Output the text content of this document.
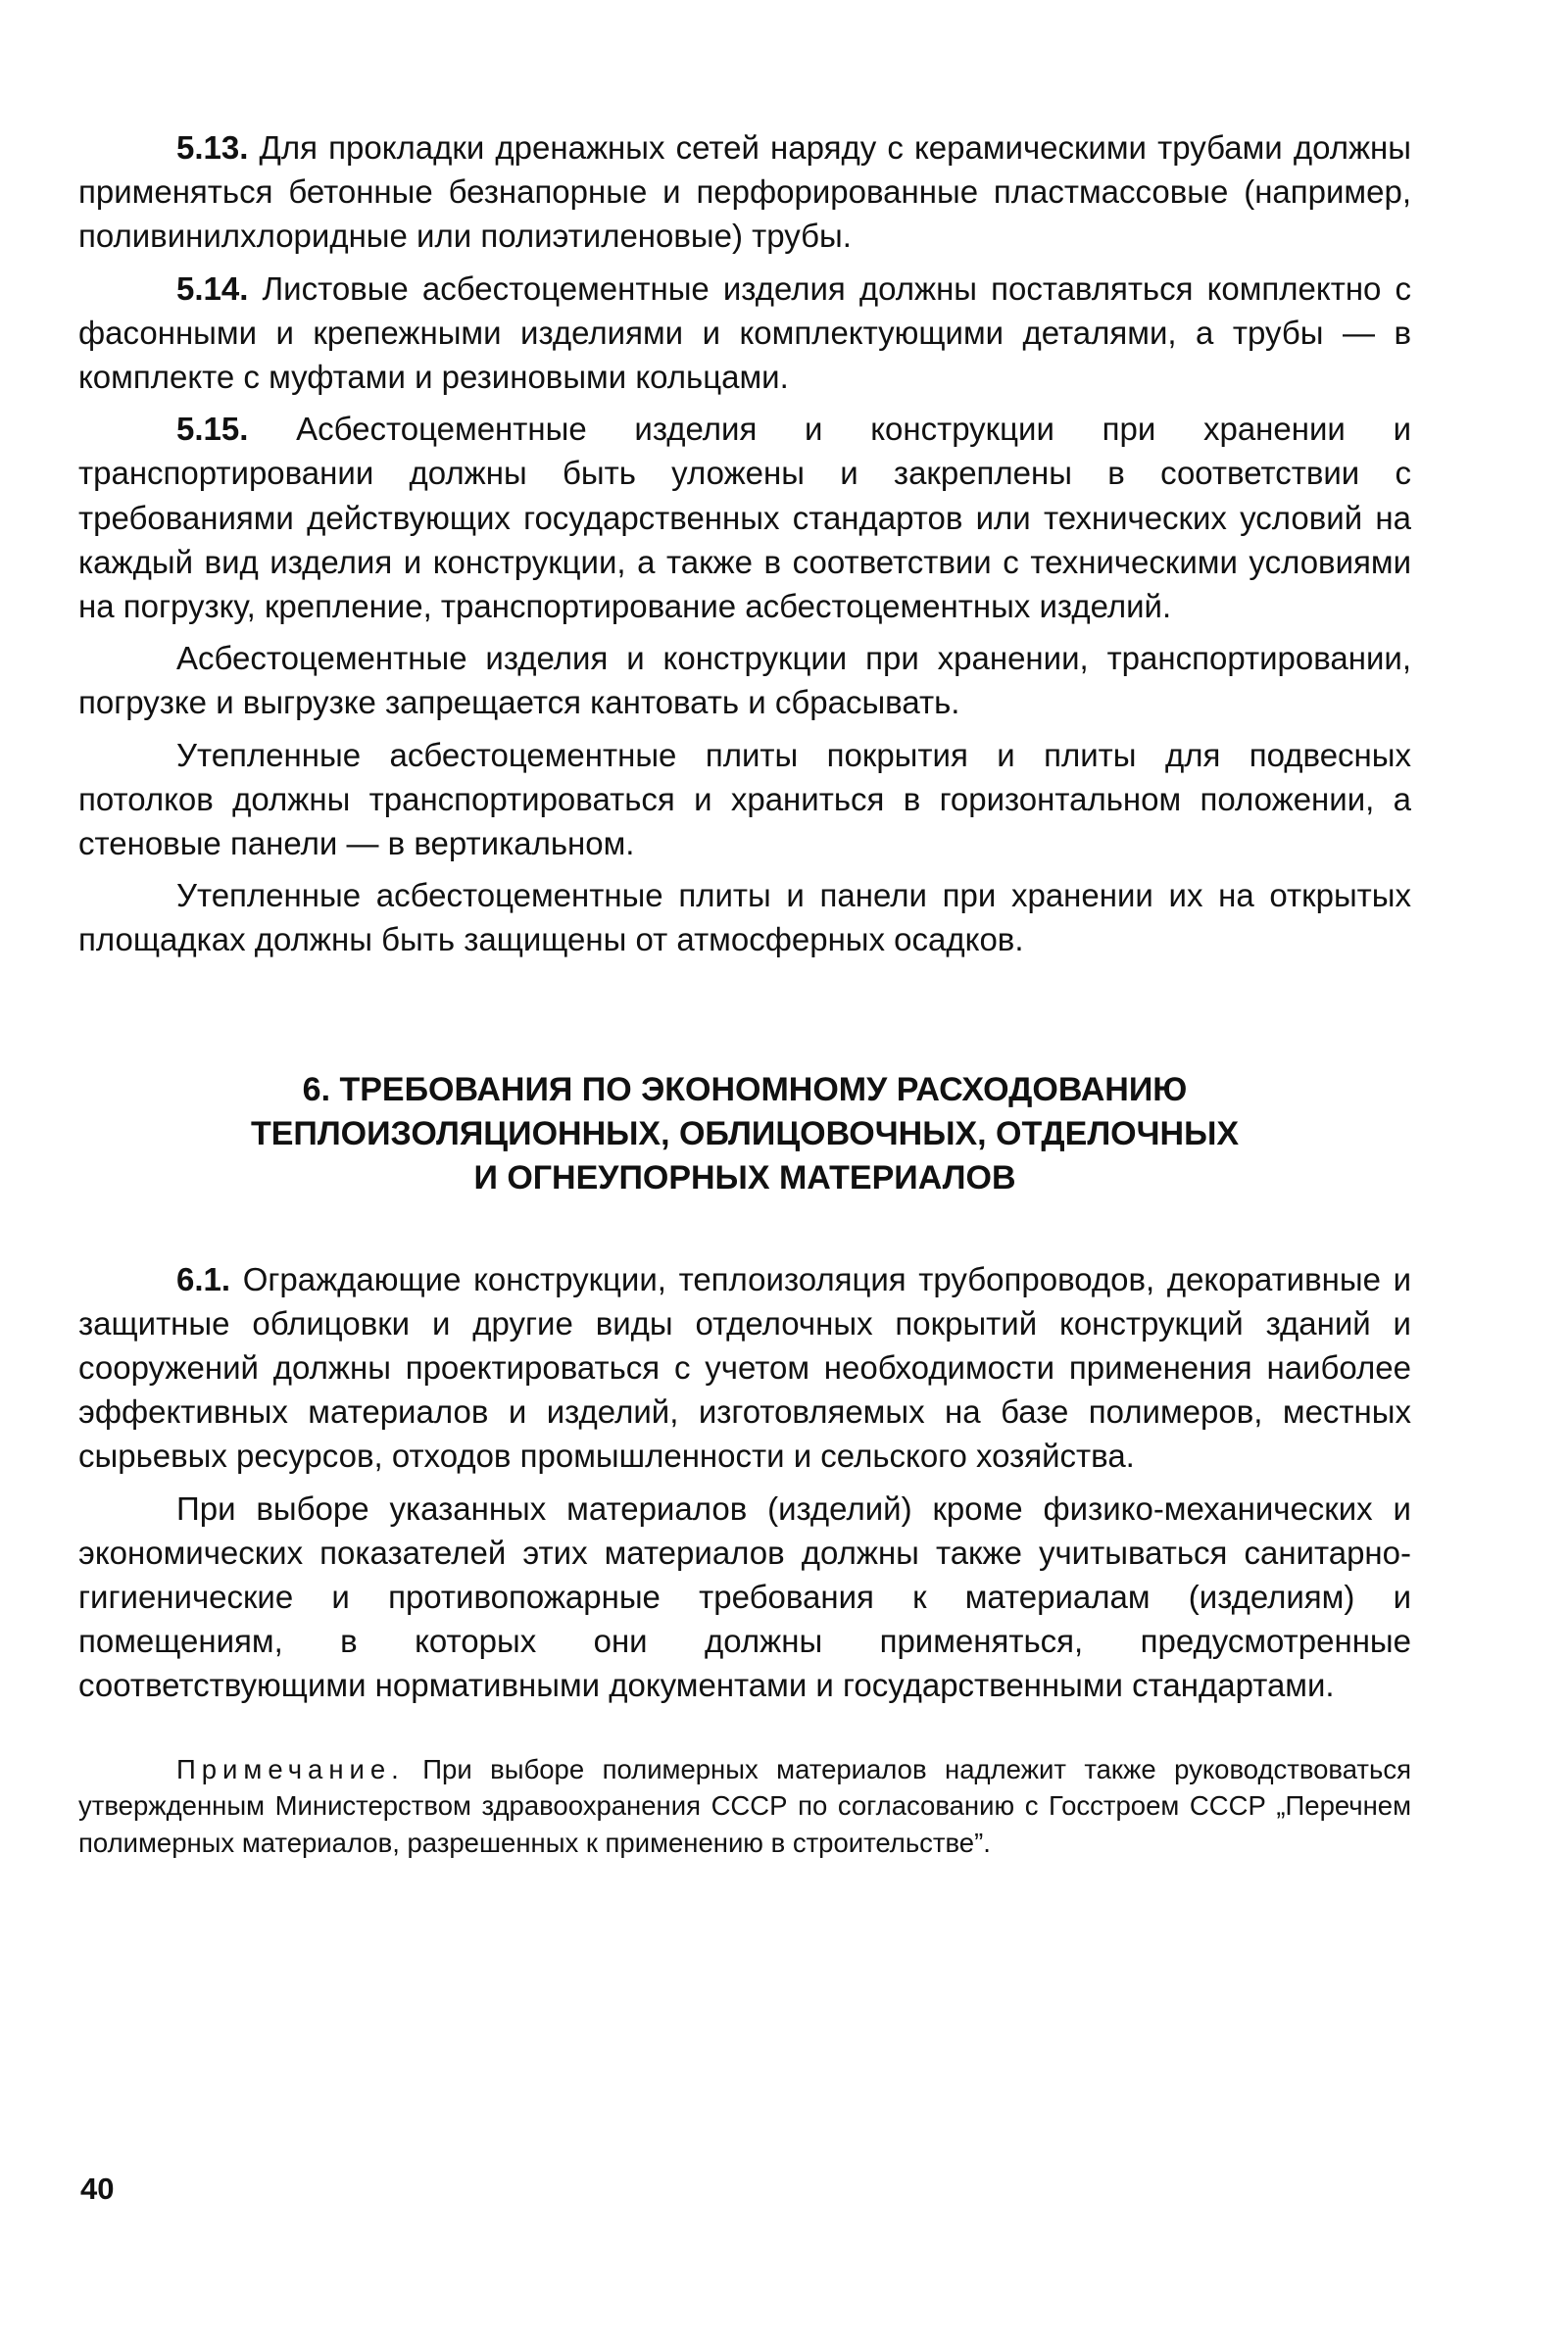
5.13. Для прокладки дренажных сетей наряду с керамическими трубами должны применяться бетонные безнапорные и перфорированные пластмассовые (например, поливинилхлоридные или полиэтиленовые) трубы.

5.14. Листовые асбестоцементные изделия должны поставляться комплектно с фасонными и крепежными изделиями и комплектующими деталями, а трубы — в комплекте с муфтами и резиновыми кольцами.

5.15. Асбестоцементные изделия и конструкции при хранении и транспортировании должны быть уложены и закреплены в соответствии с требованиями действующих государственных стандартов или технических условий на каждый вид изделия и конструкции, а также в соответствии с техническими условиями на погрузку, крепление, транспортирование асбестоцементных изделий.

Асбестоцементные изделия и конструкции при хранении, транспортировании, погрузке и выгрузке запрещается кантовать и сбрасывать.

Утепленные асбестоцементные плиты покрытия и плиты для подвесных потолков должны транспортироваться и храниться в горизонтальном положении, а стеновые панели — в вертикальном.

Утепленные асбестоцементные плиты и панели при хранении их на открытых площадках должны быть защищены от атмосферных осадков.

6. ТРЕБОВАНИЯ ПО ЭКОНОМНОМУ РАСХОДОВАНИЮ
ТЕПЛОИЗОЛЯЦИОННЫХ, ОБЛИЦОВОЧНЫХ, ОТДЕЛОЧНЫХ
И ОГНЕУПОРНЫХ МАТЕРИАЛОВ

6.1. Ограждающие конструкции, теплоизоляция трубопроводов, декоративные и защитные облицовки и другие виды отделочных покрытий конструкций зданий и сооружений должны проектироваться с учетом необходимости применения наиболее эффективных материалов и изделий, изготовляемых на базе полимеров, местных сырьевых ресурсов, отходов промышленности и сельского хозяйства.

При выборе указанных материалов (изделий) кроме физико-механических и экономических показателей этих материалов должны также учитываться санитарно-гигиенические и противопожарные требования к материалам (изделиям) и помещениям, в которых они должны применяться, предусмотренные соответствующими нормативными документами и государственными стандартами.

Примечание. При выборе полимерных материалов надлежит также руководствоваться утвержденным Министерством здравоохранения СССР по согласованию с Госстроем СССР „Перечнем полимерных материалов, разрешенных к применению в строительстве”.

40
